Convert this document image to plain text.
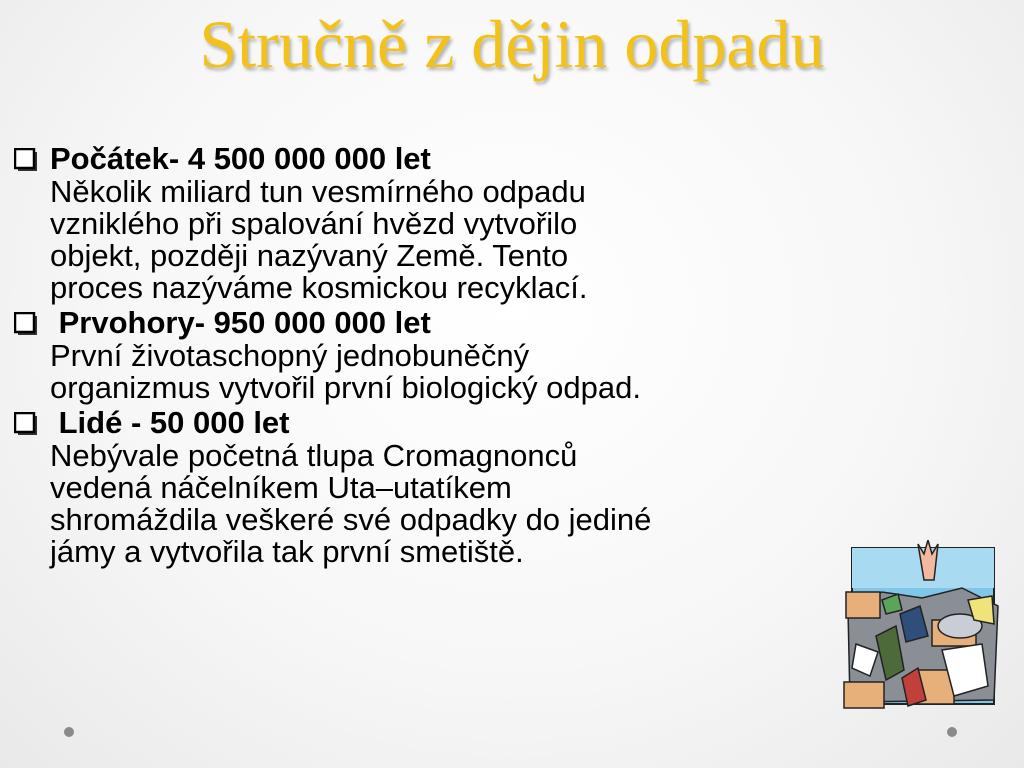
Stručně z dějin odpadu
Počátek- 4 500 000 000 let
Několik miliard tun vesmírného odpadu
vzniklého při spalování hvězd vytvořilo
objekt, později nazývaný Země. Tento
proces nazýváme kosmickou recyklací.
Prvohory- 950 000 000 let
První životaschopný jednobuněčný
organizmus vytvořil první biologický odpad.
Lidé - 50 000 let
Nebývale početná tlupa Cromagnonců
vedená náčelníkem Uta–utatíkem
shromáždila veškeré své odpadky do jediné
jámy a vytvořila tak první smetiště.
